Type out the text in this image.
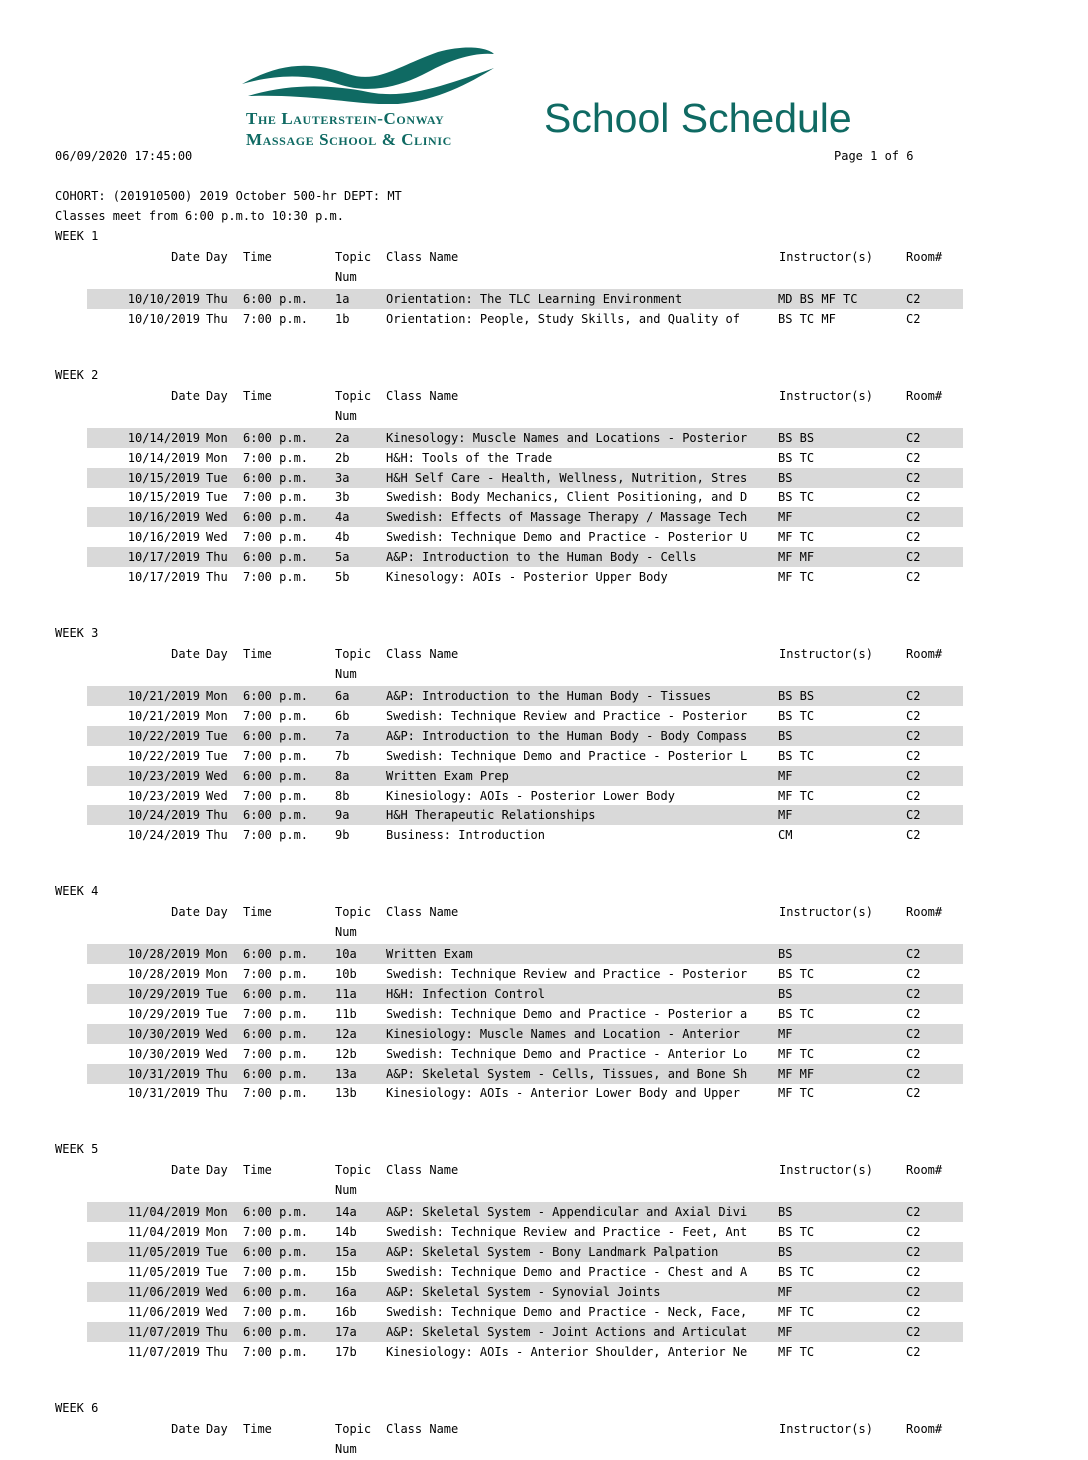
The Lauterstein-Conway
Massage School & Clinic School Schedule
06/09/2020 17:45:00	Page 1 of 6
COHORT: (201910500) 2019 October 500-hr DEPT: MT
Classes meet from 6:00 p.m.to 10:30 p.m.
WEEK 1
Date Day Time	Topic
Num
Class Name	Instructor(s)	Room#
10/10/2019 Thu	6:00 p.m.	1a	Orientation: The TLC Learning Environment	MD BS MF TC	C2
10/10/2019 Thu	7:00 p.m.	1b	Orientation: People, Study Skills, and Quality of	BS TC MF	C2
WEEK 2
Date Day Time	Topic
Num
Class Name	Instructor(s)	Room#
10/14/2019 Mon	6:00 p.m.	2a	Kinesology: Muscle Names and Locations - Posterior	BS BS	C2
10/14/2019 Mon	7:00 p.m.	2b	H&H: Tools of the Trade	BS TC	C2
10/15/2019 Tue	6:00 p.m.	3a	H&H Self Care - Health, Wellness, Nutrition, Stres	BS	C2
10/15/2019 Tue	7:00 p.m.	3b	Swedish: Body Mechanics, Client Positioning, and D	BS TC	C2
10/16/2019 Wed	6:00 p.m.	4a	Swedish: Effects of Massage Therapy / Massage Tech	MF	C2
10/16/2019 Wed	7:00 p.m.	4b	Swedish: Technique Demo and Practice - Posterior U	MF TC	C2
10/17/2019 Thu	6:00 p.m.	5a	A&P: Introduction to the Human Body - Cells	MF MF	C2
10/17/2019 Thu	7:00 p.m.	5b	Kinesology: AOIs - Posterior Upper Body	MF TC	C2
WEEK 3
Date Day Time	Topic
Num
Class Name	Instructor(s)	Room#
10/21/2019 Mon	6:00 p.m.	6a	A&P: Introduction to the Human Body - Tissues	BS BS	C2
10/21/2019 Mon	7:00 p.m.	6b	Swedish: Technique Review and Practice - Posterior	BS TC	C2
10/22/2019 Tue	6:00 p.m.	7a	A&P: Introduction to the Human Body - Body Compass	BS	C2
10/22/2019 Tue	7:00 p.m.	7b	Swedish: Technique Demo and Practice - Posterior L	BS TC	C2
10/23/2019 Wed	6:00 p.m.	8a	Written Exam Prep	MF	C2
10/23/2019 Wed	7:00 p.m.	8b	Kinesiology: AOIs - Posterior Lower Body	MF TC	C2
10/24/2019 Thu	6:00 p.m.	9a	H&H Therapeutic Relationships	MF	C2
10/24/2019 Thu	7:00 p.m.	9b	Business: Introduction	CM	C2
WEEK 4
Date Day Time	Topic
Num
Class Name	Instructor(s)	Room#
10/28/2019 Mon	6:00 p.m.	10a	Written Exam	BS	C2
10/28/2019 Mon	7:00 p.m.	10b	Swedish: Technique Review and Practice - Posterior	BS TC	C2
10/29/2019 Tue	6:00 p.m.	11a	H&H: Infection Control	BS	C2
10/29/2019 Tue	7:00 p.m.	11b	Swedish: Technique Demo and Practice - Posterior a	BS TC	C2
10/30/2019 Wed	6:00 p.m.	12a	Kinesiology: Muscle Names and Location - Anterior	MF	C2
10/30/2019 Wed	7:00 p.m.	12b	Swedish: Technique Demo and Practice - Anterior Lo	MF TC	C2
10/31/2019 Thu	6:00 p.m.	13a	A&P: Skeletal System - Cells, Tissues, and Bone Sh	MF MF	C2
10/31/2019 Thu	7:00 p.m.	13b	Kinesiology: AOIs - Anterior Lower Body and Upper	MF TC	C2
WEEK 5
Date Day Time	Topic
Num
Class Name	Instructor(s)	Room#
11/04/2019 Mon	6:00 p.m.	14a	A&P: Skeletal System - Appendicular and Axial Divi	BS	C2
11/04/2019 Mon	7:00 p.m.	14b	Swedish: Technique Review and Practice - Feet, Ant	BS TC	C2
11/05/2019 Tue	6:00 p.m.	15a	A&P: Skeletal System - Bony Landmark Palpation	BS	C2
11/05/2019 Tue	7:00 p.m.	15b	Swedish: Technique Demo and Practice - Chest and A	BS TC	C2
11/06/2019 Wed	6:00 p.m.	16a	A&P: Skeletal System - Synovial Joints	MF	C2
11/06/2019 Wed	7:00 p.m.	16b	Swedish: Technique Demo and Practice - Neck, Face,	MF TC	C2
11/07/2019 Thu	6:00 p.m.	17a	A&P: Skeletal System - Joint Actions and Articulat	MF	C2
11/07/2019 Thu	7:00 p.m.	17b	Kinesiology: AOIs - Anterior Shoulder, Anterior Ne	MF TC	C2
WEEK 6
Date Day Time	Topic
Num
Class Name	Instructor(s)	Room#
